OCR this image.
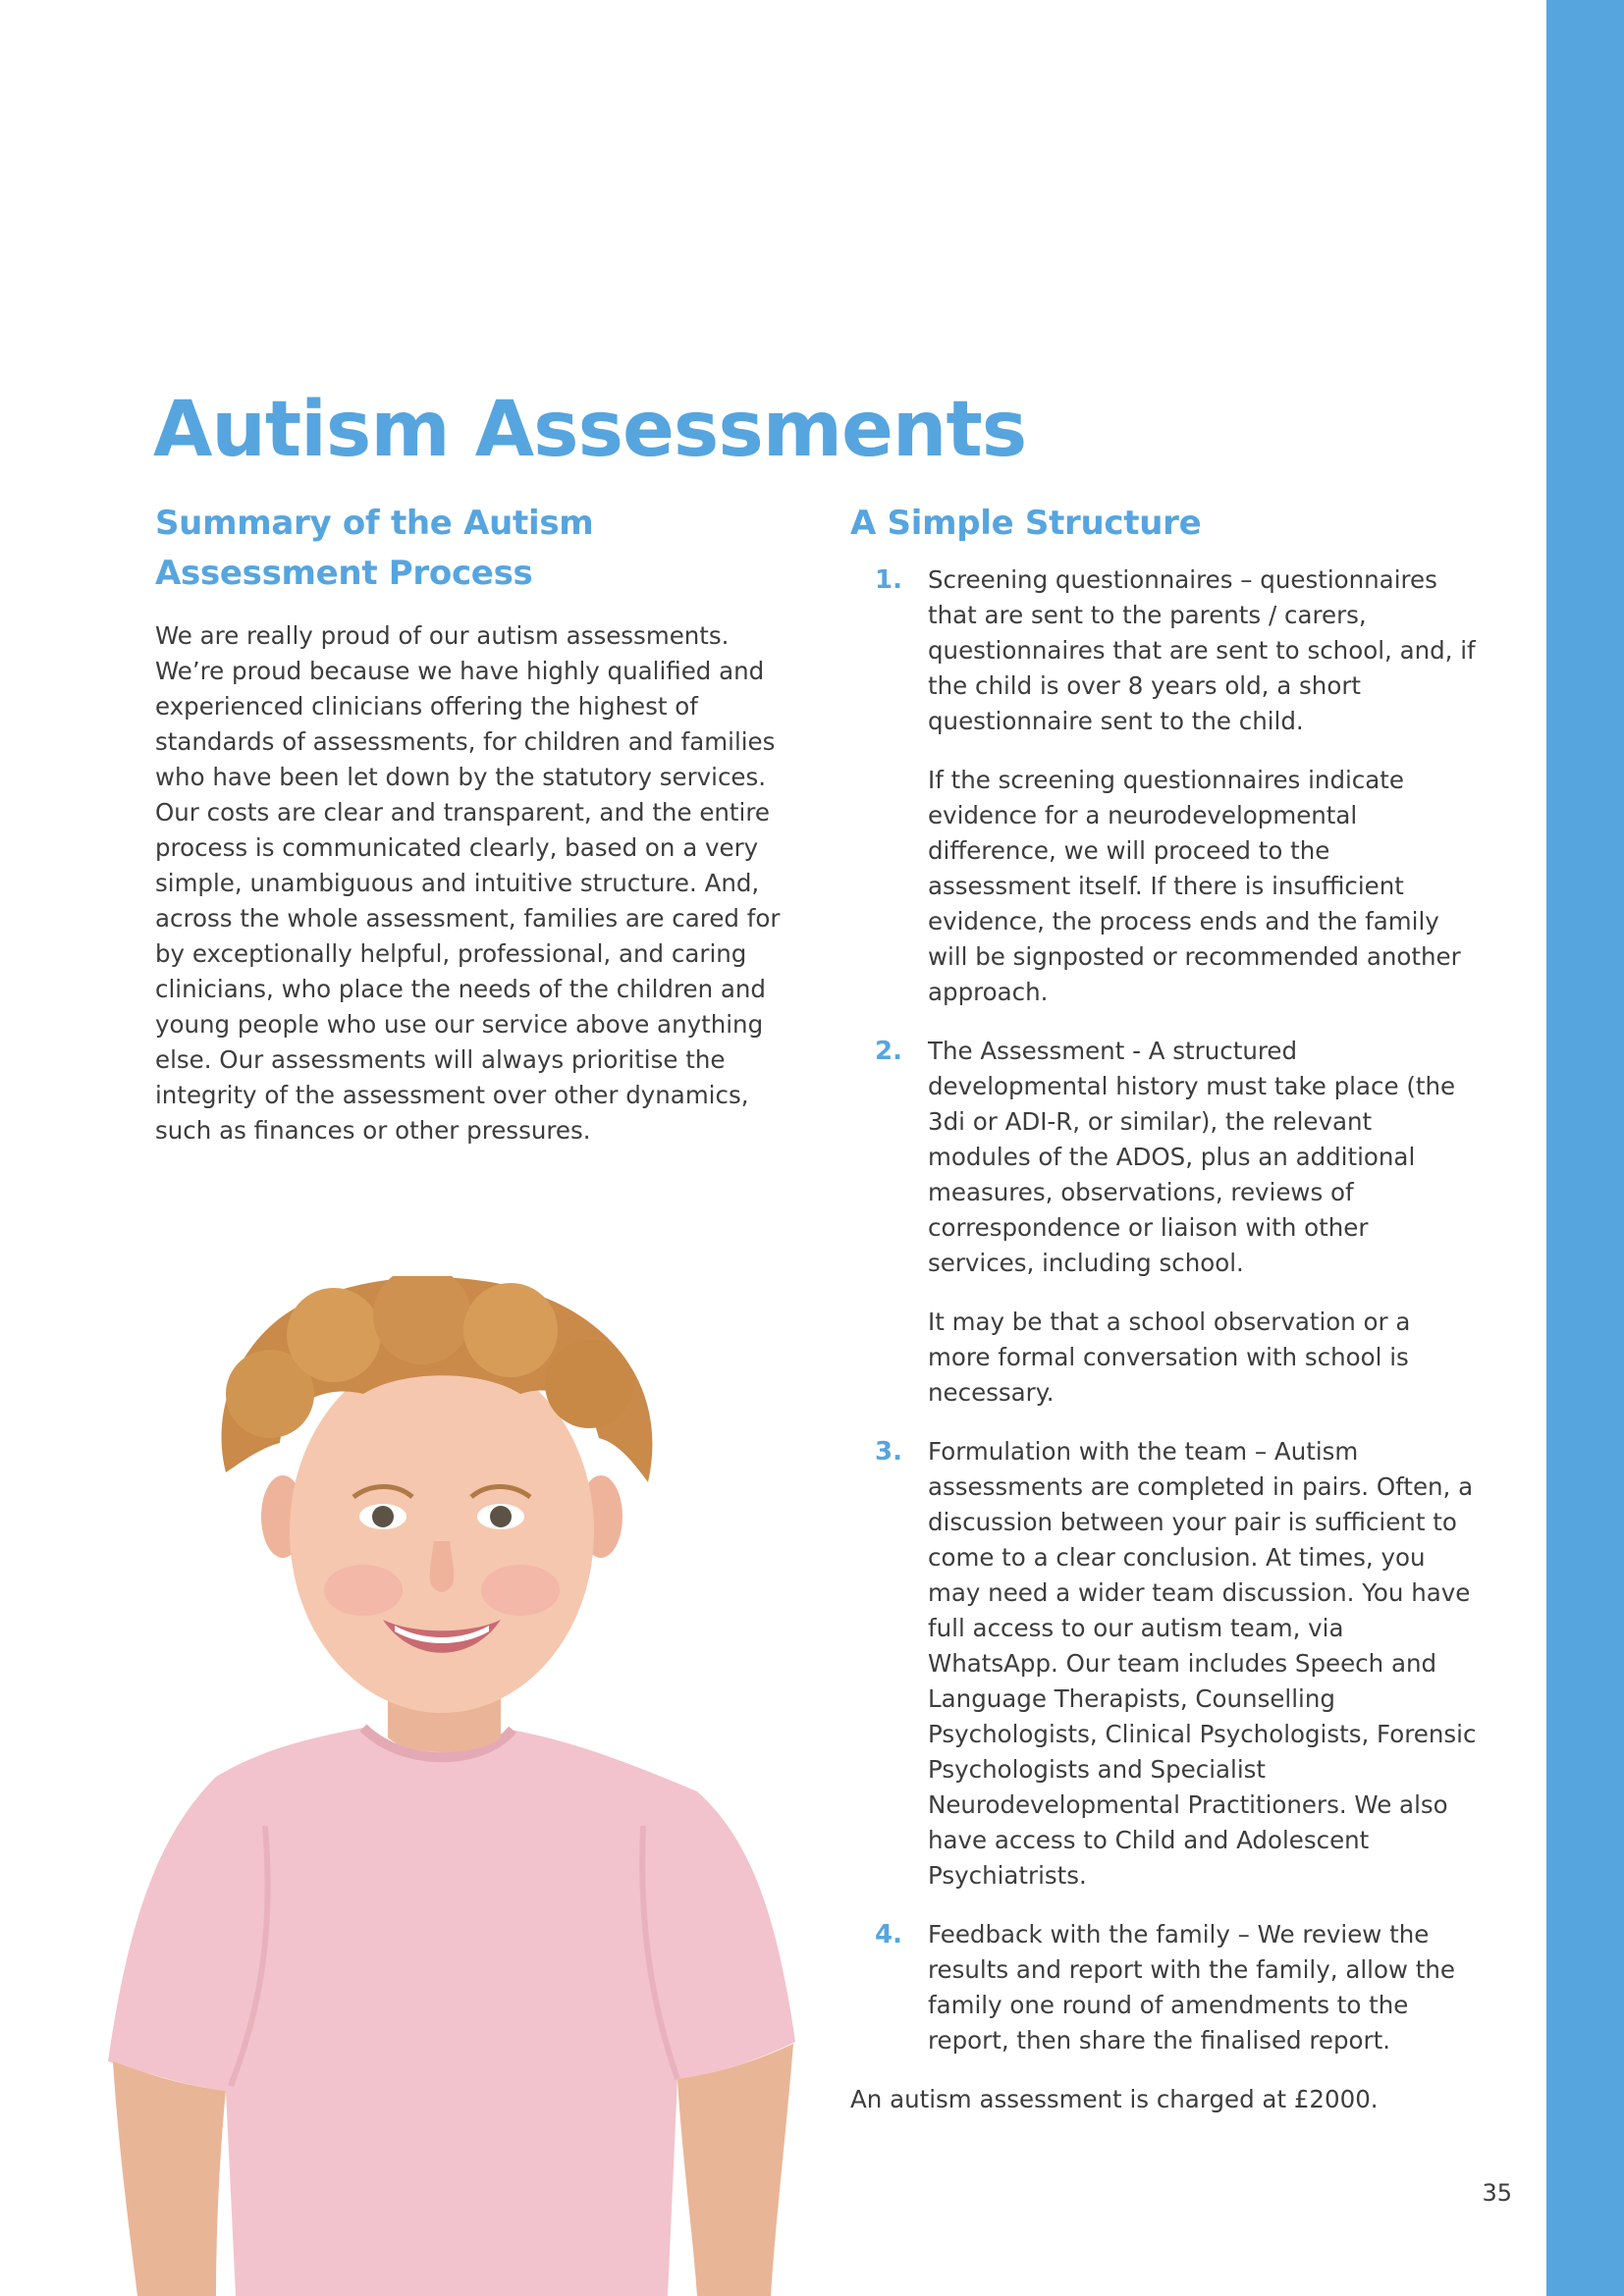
Autism Assessments
Summary of the Autism
Assessment Process

We are really proud of our autism assessments. We’re proud because we have highly qualified and experienced clinicians offering the highest of standards of assessments, for children and families who have been let down by the statutory services. Our costs are clear and transparent, and the entire process is communicated clearly, based on a very simple, unambiguous and intuitive structure. And, across the whole assessment, families are cared for by exceptionally helpful, professional, and caring clinicians, who place the needs of the children and young people who use our service above anything else. Our assessments will always prioritise the integrity of the assessment over other dynamics, such as finances or other pressures.

A Simple Structure
1. Screening questionnaires – questionnaires that are sent to the parents / carers, questionnaires that are sent to school, and, if the child is over 8 years old, a short questionnaire sent to the child.

If the screening questionnaires indicate evidence for a neurodevelopmental difference, we will proceed to the assessment itself. If there is insufficient evidence, the process ends and the family will be signposted or recommended another approach.

2. The Assessment - A structured developmental history must take place (the 3di or ADI-R, or similar), the relevant modules of the ADOS, plus an additional measures, observations, reviews of correspondence or liaison with other services, including school.

It may be that a school observation or a more formal conversation with school is necessary.

3. Formulation with the team – Autism assessments are completed in pairs. Often, a discussion between your pair is sufficient to come to a clear conclusion. At times, you may need a wider team discussion. You have full access to our autism team, via WhatsApp. Our team includes Speech and Language Therapists, Counselling Psychologists, Clinical Psychologists, Forensic Psychologists and Specialist Neurodevelopmental Practitioners. We also have access to Child and Adolescent Psychiatrists.

4. Feedback with the family – We review the results and report with the family, allow the family one round of amendments to the report, then share the finalised report.

An autism assessment is charged at £2000.

35
